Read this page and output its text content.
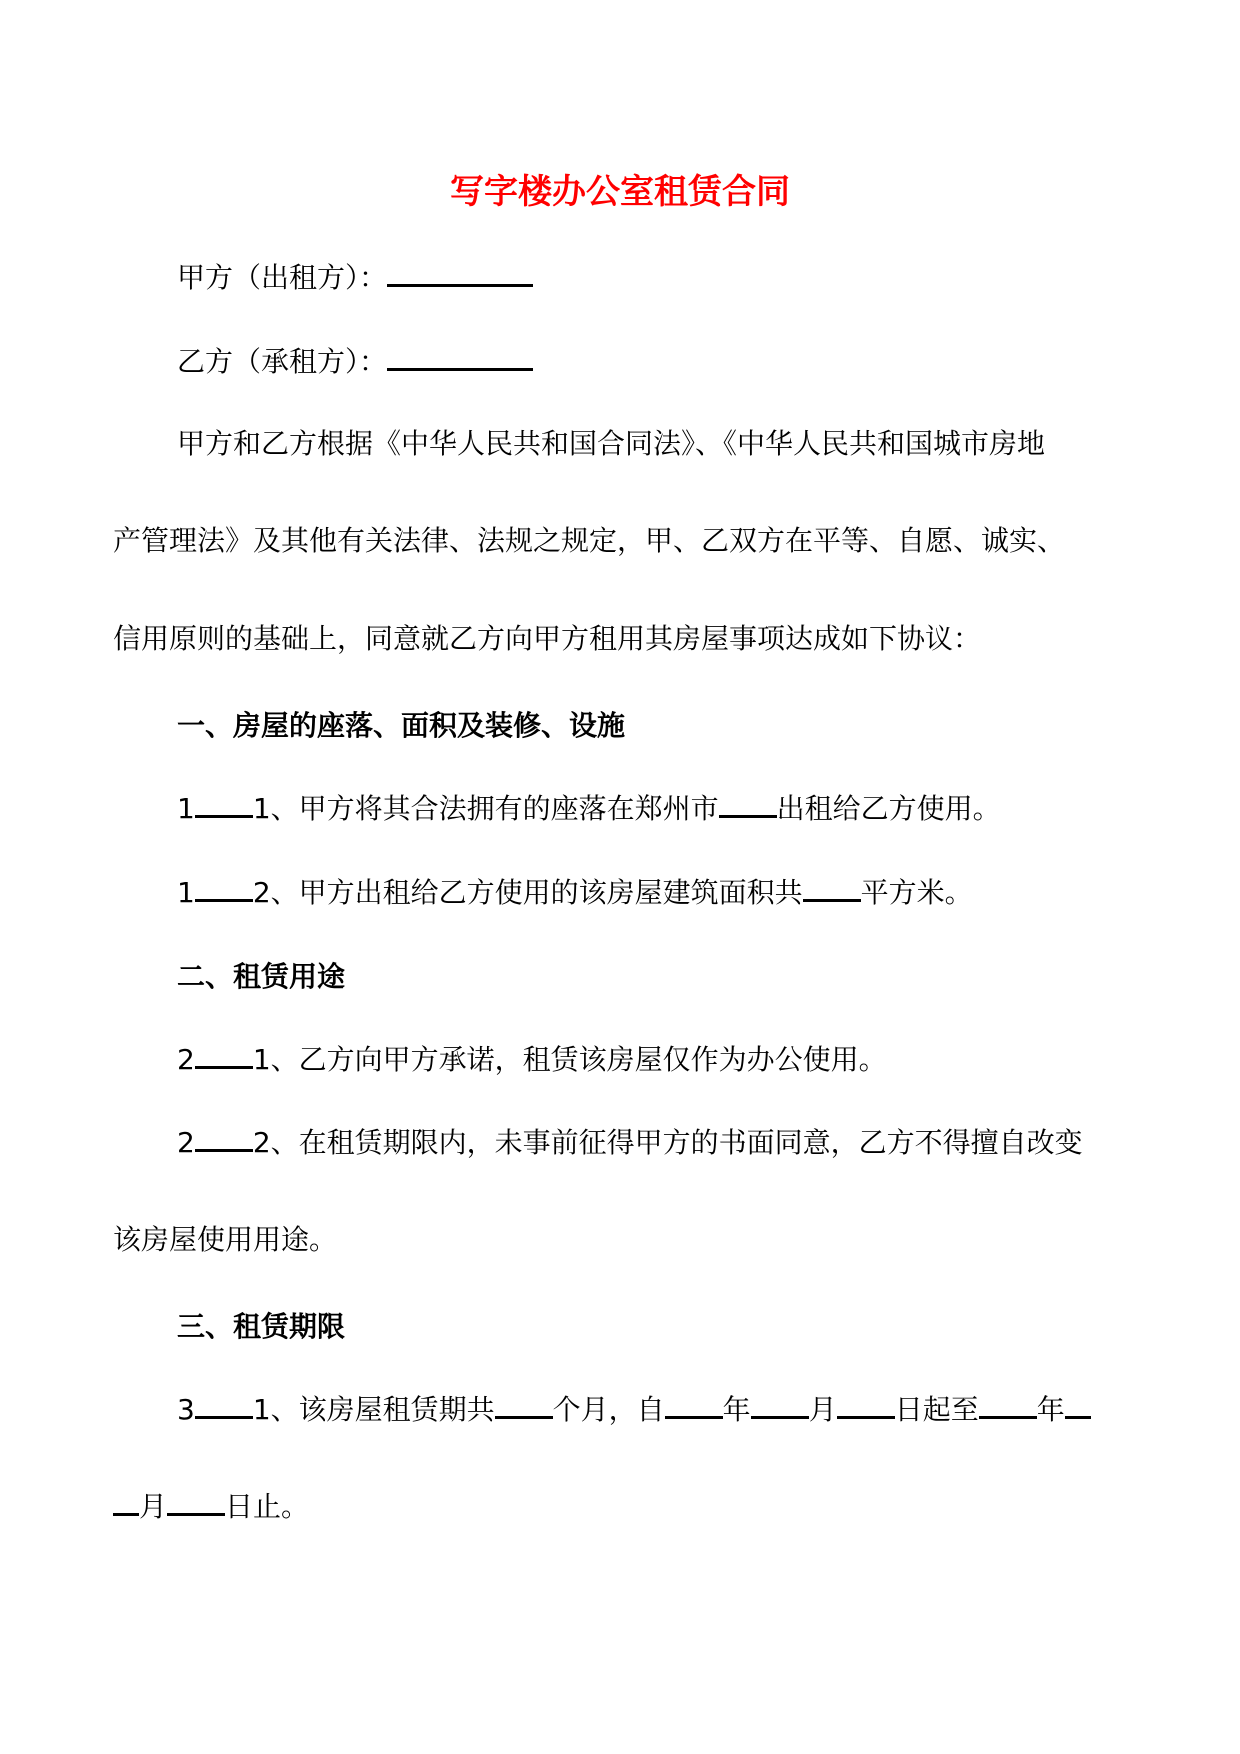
写字楼办公室租赁合同
甲方（出租方）：
乙方（承租方）：
甲方和乙方根据《中华人民共和国合同法》、《中华人民共和国城市房地
产管理法》及其他有关法律、法规之规定，甲、乙双方在平等、自愿、诚实、
信用原则的基础上，同意就乙方向甲方租用其房屋事项达成如下协议：
一、房屋的座落、面积及装修、设施
1 1、甲方将其合法拥有的座落在郑州市 出租给乙方使用。
1 2、甲方出租给乙方使用的该房屋建筑面积共 平方米。
二、租赁用途
2 1、乙方向甲方承诺，租赁该房屋仅作为办公使用。
2 2、在租赁期限内，未事前征得甲方的书面同意，乙方不得擅自改变
该房屋使用用途。
三、租赁期限
3 1、该房屋租赁期共 个月，自 年 月 日起至 年
月 日止。
